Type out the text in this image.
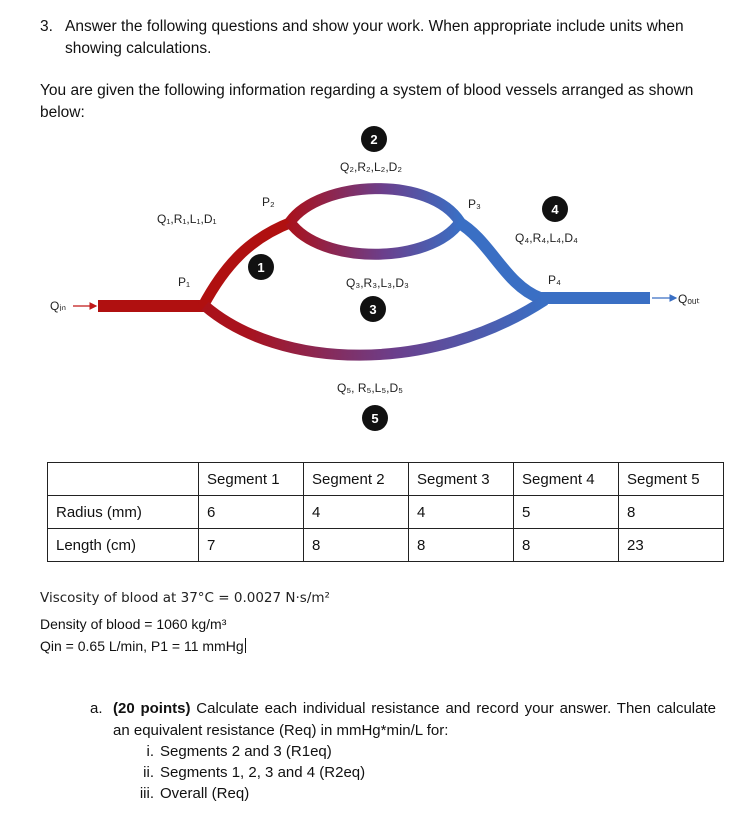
3. Answer the following questions and show your work. When appropriate include units when showing calculations.
You are given the following information regarding a system of blood vessels arranged as shown below:
Qᵢₙ	Qₒᵤₜ
P₁
P₂	P₃
P₄
Q₁,R₁,L₁,D₁
Q₂,R₂,L₂,D₂
Q₃,R₃,L₃,D₃
Q₄,R₄,L₄,D₄
Q₅, R₅,L₅,D₅
1
2
3
4
5
	Segment 1	Segment 2	Segment 3	Segment 4	Segment 5
Radius (mm)	6	4	4	5	8
Length (cm)	7	8	8	8	23
Viscosity of blood at 37°C = 0.0027 N·s/m²
Density of blood = 1060 kg/m³
Qin = 0.65 L/min, P1 = 11 mmHg
a. (20 points) Calculate each individual resistance and record your answer. Then calculate an equivalent resistance (Req) in mmHg*min/L for:
i. Segments 2 and 3 (R1eq)
ii. Segments 1, 2, 3 and 4 (R2eq)
iii. Overall (Req)
